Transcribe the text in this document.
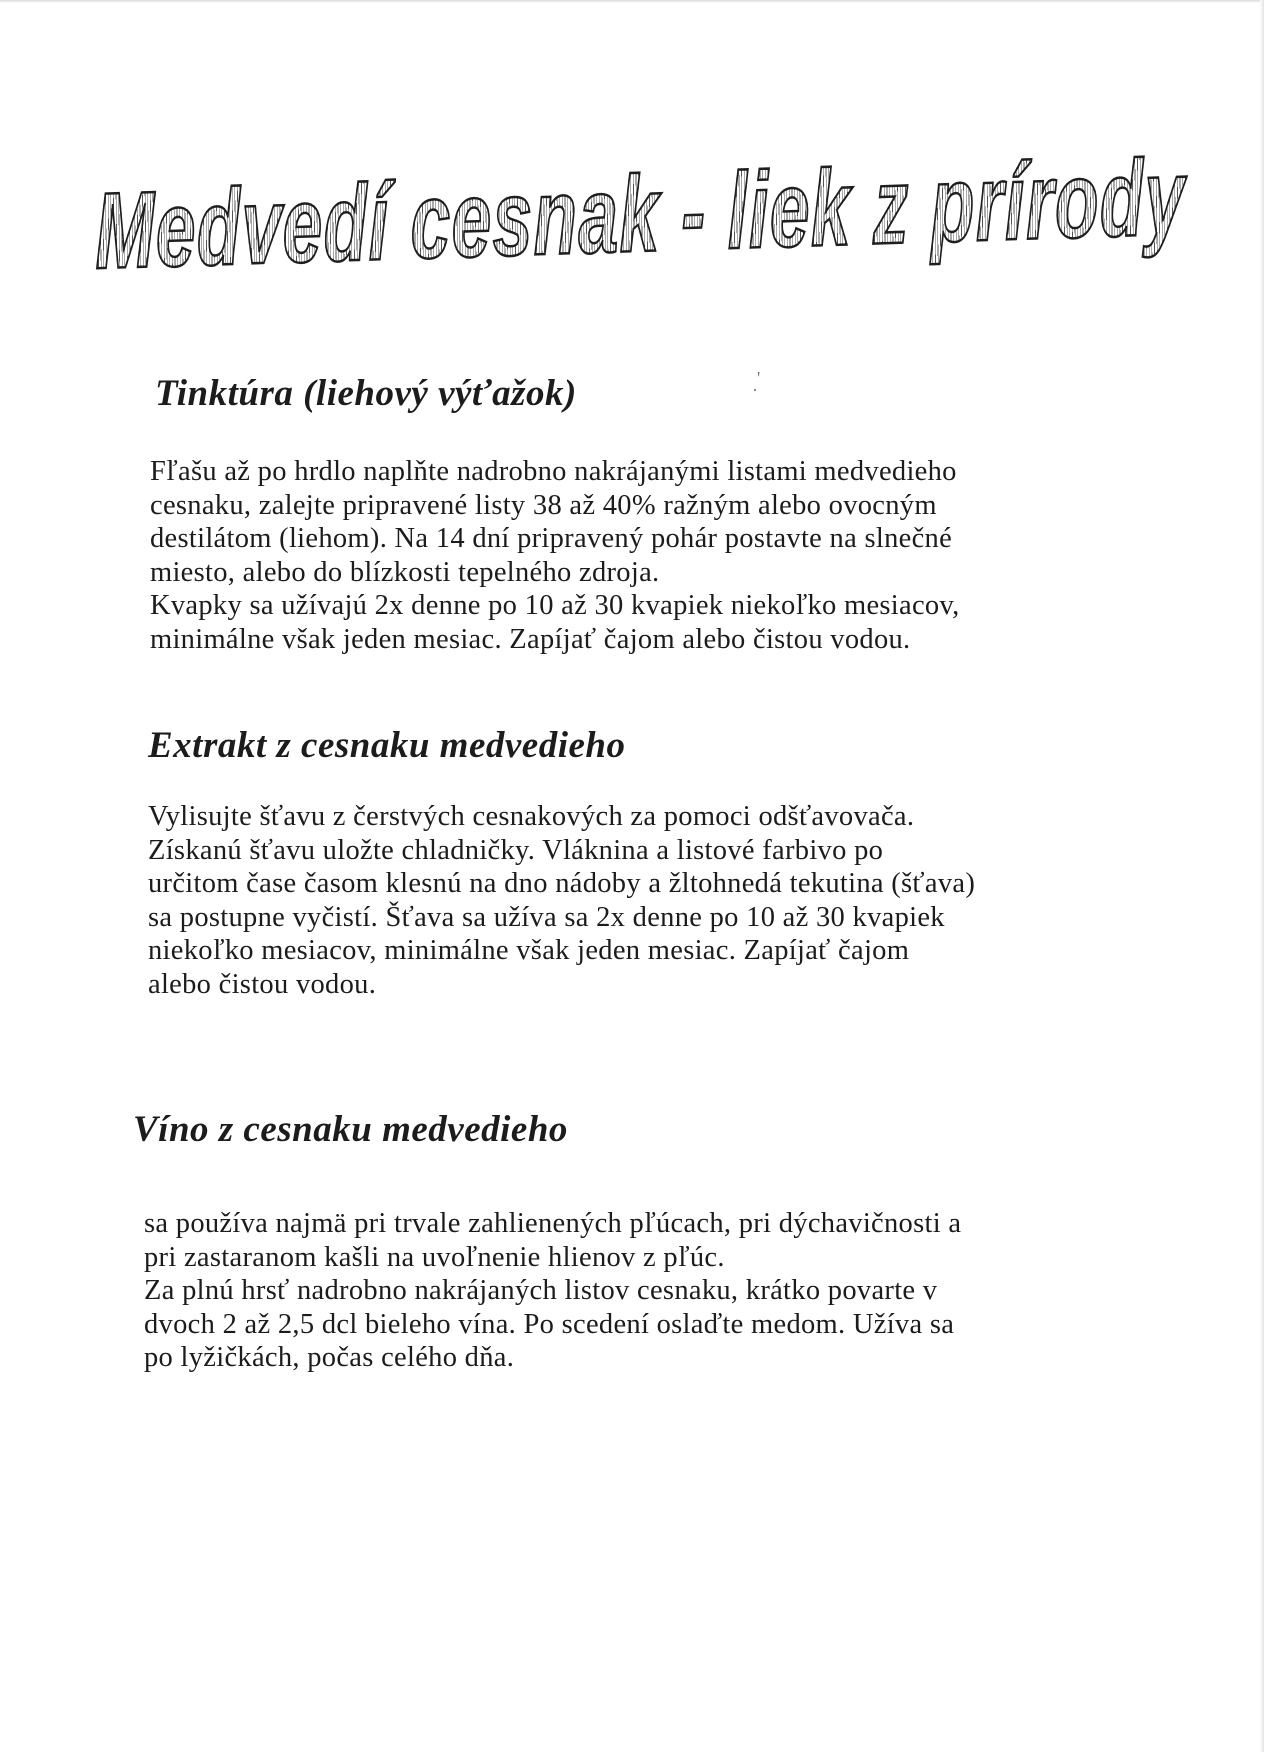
Medvedí cesnak - liek z prírody
·
'
Tinktúra (liehový výťažok)
Fľašu až po hrdlo naplňte nadrobno nakrájanými listami medvedieho
cesnaku, zalejte pripravené listy 38 až 40% ražným alebo ovocným
destilátom (liehom). Na 14 dní pripravený pohár postavte na slnečné
miesto, alebo do blízkosti tepelného zdroja.
Kvapky sa užívajú 2x denne po 10 až 30 kvapiek niekoľko mesiacov,
minimálne však jeden mesiac. Zapíjať čajom alebo čistou vodou.
Extrakt z cesnaku medvedieho
Vylisujte šťavu z čerstvých cesnakových za pomoci odšťavovača.
Získanú šťavu uložte chladničky. Vláknina a listové farbivo po
určitom čase časom klesnú na dno nádoby a žltohnedá tekutina (šťava)
sa postupne vyčistí. Šťava sa užíva sa 2x denne po 10 až 30 kvapiek
niekoľko mesiacov, minimálne však jeden mesiac. Zapíjať čajom
alebo čistou vodou.
Víno z cesnaku medvedieho
sa používa najmä pri trvale zahlienených pľúcach, pri dýchavičnosti a
pri zastaranom kašli na uvoľnenie hlienov z pľúc.
Za plnú hrsť nadrobno nakrájaných listov cesnaku, krátko povarte v
dvoch 2 až 2,5 dcl bieleho vína. Po scedení oslaďte medom. Užíva sa
po lyžičkách, počas celého dňa.
